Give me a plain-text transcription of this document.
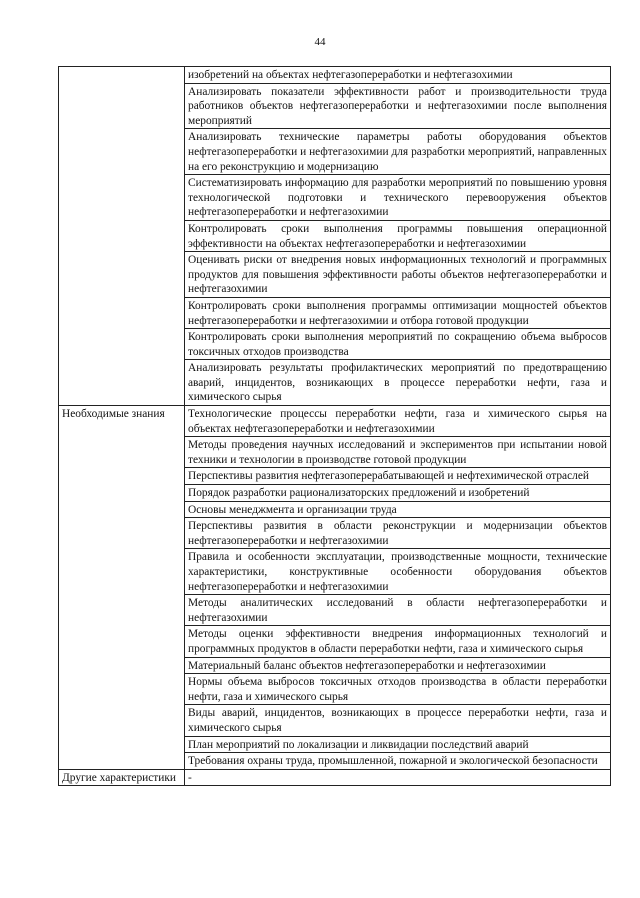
44
	изобретений на объектах нефтегазопереработки и нефтегазохимии
	Анализировать показатели эффективности работ и производительности труда работников объектов нефтегазопереработки и нефтегазохимии после выполнения мероприятий
	Анализировать технические параметры работы оборудования объектов нефтегазопереработки и нефтегазохимии для разработки мероприятий, направленных на его реконструкцию и модернизацию
	Систематизировать информацию для разработки мероприятий по повышению уровня технологической подготовки и технического перевооружения объектов нефтегазопереработки и нефтегазохимии
	Контролировать сроки выполнения программы повышения операционной эффективности на объектах нефтегазопереработки и нефтегазохимии
	Оценивать риски от внедрения новых информационных технологий и программных продуктов для повышения эффективности работы объектов нефтегазопереработки и нефтегазохимии
	Контролировать сроки выполнения программы оптимизации мощностей объектов нефтегазопереработки и нефтегазохимии и отбора готовой продукции
	Контролировать сроки выполнения мероприятий по сокращению объема выбросов токсичных отходов производства
	Анализировать результаты профилактических мероприятий по предотвращению аварий, инцидентов, возникающих в процессе переработки нефти, газа и химического сырья
Необходимые знания	Технологические процессы переработки нефти, газа и химического сырья на объектах нефтегазопереработки и нефтегазохимии
	Методы проведения научных исследований и экспериментов при испытании новой техники и технологии в производстве готовой продукции
	Перспективы развития нефтегазоперерабатывающей и нефтехимической отраслей
	Порядок разработки рационализаторских предложений и изобретений
	Основы менеджмента и организации труда
	Перспективы развития в области реконструкции и модернизации объектов нефтегазопереработки и нефтегазохимии
	Правила и особенности эксплуатации, производственные мощности, технические характеристики, конструктивные особенности оборудования объектов нефтегазопереработки и нефтегазохимии
	Методы аналитических исследований в области нефтегазопереработки и нефтегазохимии
	Методы оценки эффективности внедрения информационных технологий и программных продуктов в области переработки нефти, газа и химического сырья
	Материальный баланс объектов нефтегазопереработки и нефтегазохимии
	Нормы объема выбросов токсичных отходов производства в области переработки нефти, газа и химического сырья
	Виды аварий, инцидентов, возникающих в процессе переработки нефти, газа и химического сырья
	План мероприятий по локализации и ликвидации последствий аварий
	Требования охраны труда, промышленной, пожарной и экологической безопасности
Другие характеристики	-
